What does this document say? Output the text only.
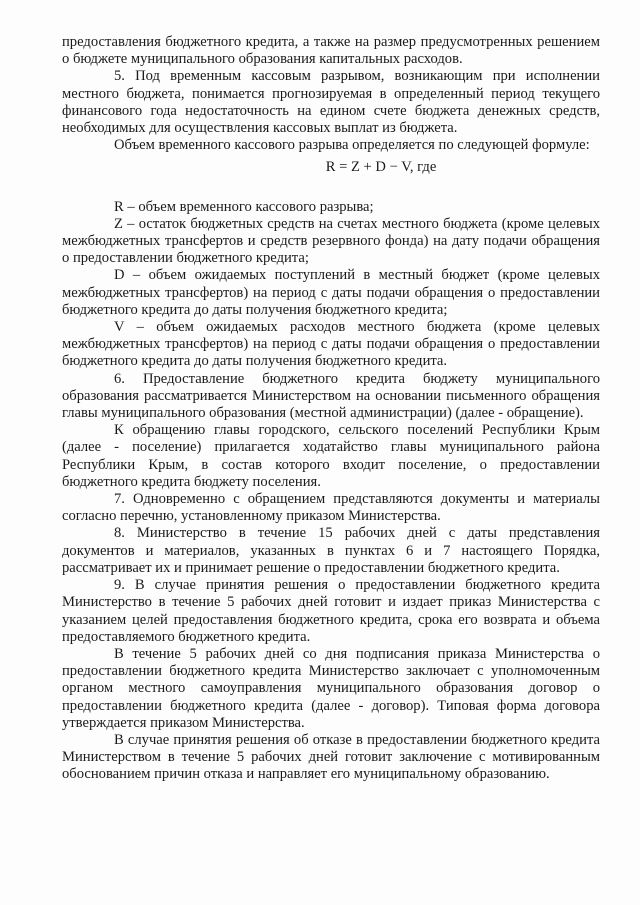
предоставления бюджетного кредита, а также на размер предусмотренных решением о бюджете муниципального образования капитальных расходов.

5. Под временным кассовым разрывом, возникающим при исполнении местного бюджета, понимается прогнозируемая в определенный период текущего финансового года недостаточность на едином счете бюджета денежных средств, необходимых для осуществления кассовых выплат из бюджета.

Объем временного кассового разрыва определяется по следующей формуле:

R = Z + D − V, где

R – объем временного кассового разрыва;

Z – остаток бюджетных средств на счетах местного бюджета (кроме целевых межбюджетных трансфертов и средств резервного фонда) на дату подачи обращения о предоставлении бюджетного кредита;

D – объем ожидаемых поступлений в местный бюджет (кроме целевых межбюджетных трансфертов) на период с даты подачи обращения о предоставлении бюджетного кредита до даты получения бюджетного кредита;

V – объем ожидаемых расходов местного бюджета (кроме целевых межбюджетных трансфертов) на период с даты подачи обращения о предоставлении бюджетного кредита до даты получения бюджетного кредита.

6. Предоставление бюджетного кредита бюджету муниципального образования рассматривается Министерством на основании письменного обращения главы муниципального образования (местной администрации) (далее - обращение).

К обращению главы городского, сельского поселений Республики Крым (далее - поселение) прилагается ходатайство главы муниципального района Республики Крым, в состав которого входит поселение, о предоставлении бюджетного кредита бюджету поселения.

7. Одновременно с обращением представляются документы и материалы согласно перечню, установленному приказом Министерства.

8. Министерство в течение 15 рабочих дней с даты представления документов и материалов, указанных в пунктах 6 и 7 настоящего Порядка, рассматривает их и принимает решение о предоставлении бюджетного кредита.

9. В случае принятия решения о предоставлении бюджетного кредита Министерство в течение 5 рабочих дней готовит и издает приказ Министерства с указанием целей предоставления бюджетного кредита, срока его возврата и объема предоставляемого бюджетного кредита.

В течение 5 рабочих дней со дня подписания приказа Министерства о предоставлении бюджетного кредита Министерство заключает с уполномоченным органом местного самоуправления муниципального образования договор о предоставлении бюджетного кредита (далее - договор). Типовая форма договора утверждается приказом Министерства.

В случае принятия решения об отказе в предоставлении бюджетного кредита Министерством в течение 5 рабочих дней готовит заключение с мотивированным обоснованием причин отказа и направляет его муниципальному образованию.
